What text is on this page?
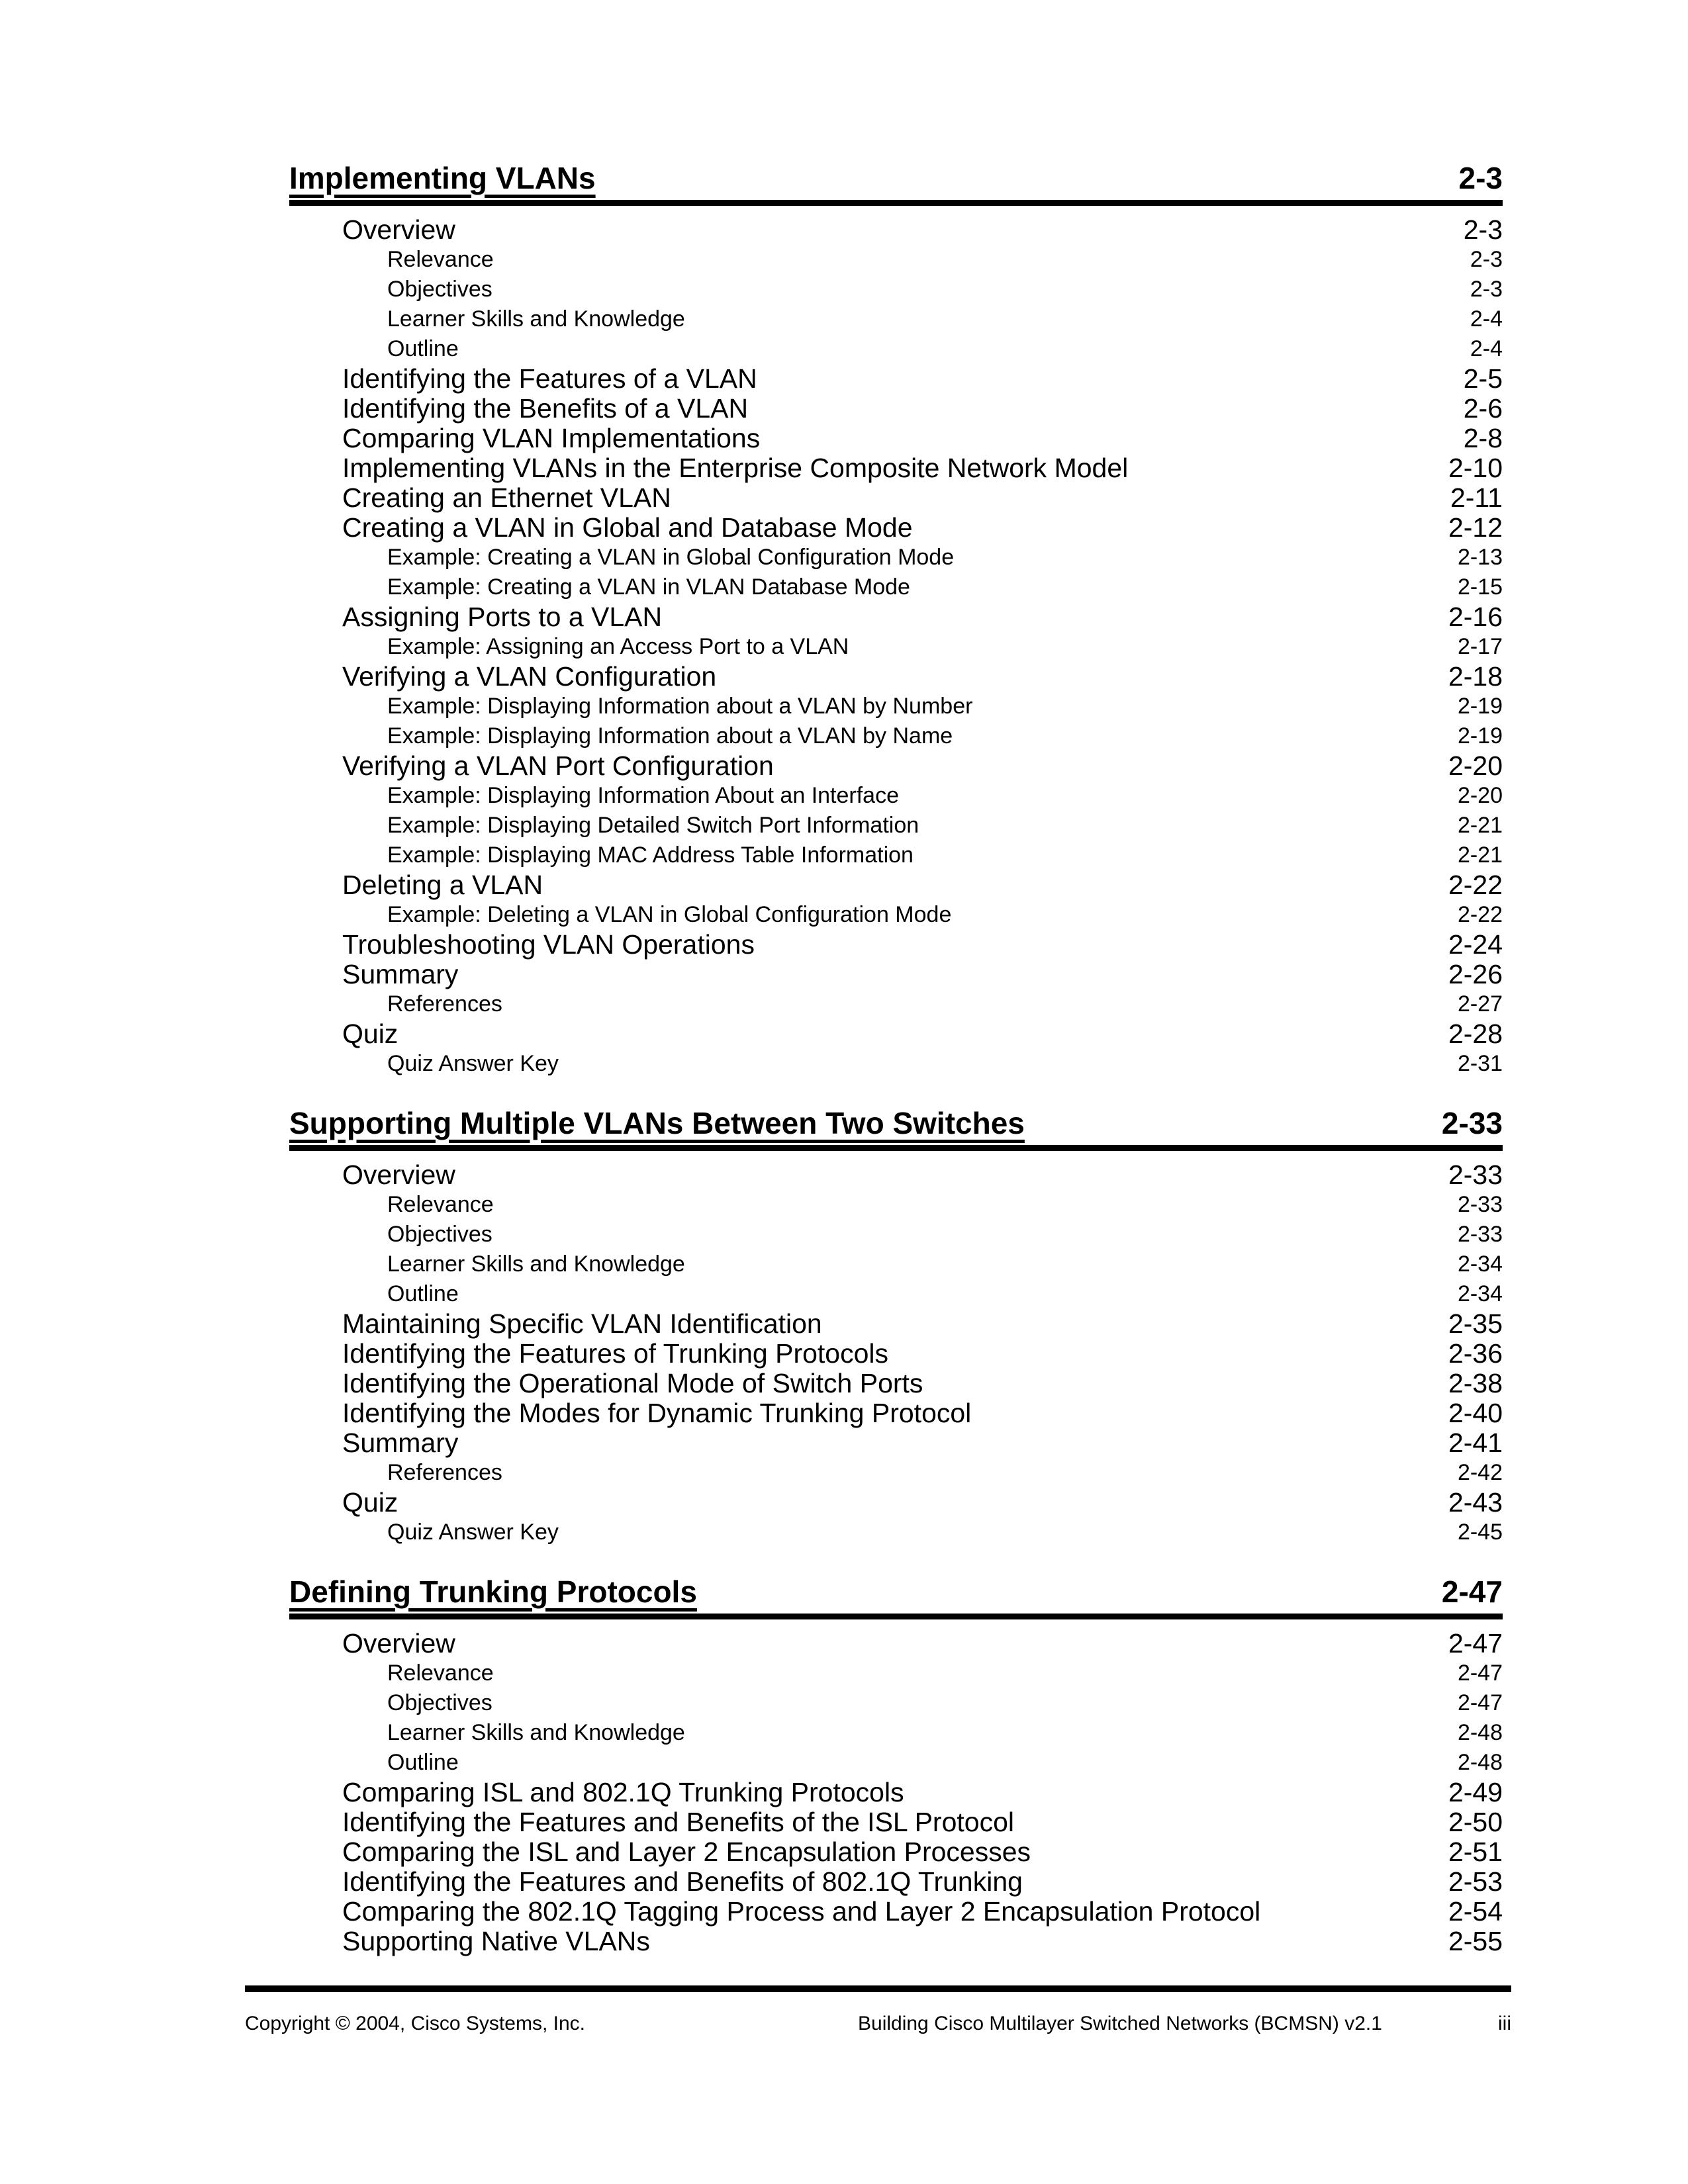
Implementing VLANs	2-3
Overview	2-3
Relevance	2-3
Objectives	2-3
Learner Skills and Knowledge	2-4
Outline	2-4
Identifying the Features of a VLAN	2-5
Identifying the Benefits of a VLAN	2-6
Comparing VLAN Implementations	2-8
Implementing VLANs in the Enterprise Composite Network Model	2-10
Creating an Ethernet VLAN	2-11
Creating a VLAN in Global and Database Mode	2-12
Example: Creating a VLAN in Global Configuration Mode	2-13
Example: Creating a VLAN in VLAN Database Mode	2-15
Assigning Ports to a VLAN	2-16
Example: Assigning an Access Port to a VLAN	2-17
Verifying a VLAN Configuration	2-18
Example: Displaying Information about a VLAN by Number	2-19
Example: Displaying Information about a VLAN by Name	2-19
Verifying a VLAN Port Configuration	2-20
Example: Displaying Information About an Interface	2-20
Example: Displaying Detailed Switch Port Information	2-21
Example: Displaying MAC Address Table Information	2-21
Deleting a VLAN	2-22
Example: Deleting a VLAN in Global Configuration Mode	2-22
Troubleshooting VLAN Operations	2-24
Summary	2-26
References	2-27
Quiz	2-28
Quiz Answer Key	2-31
Supporting Multiple VLANs Between Two Switches	2-33
Overview	2-33
Relevance	2-33
Objectives	2-33
Learner Skills and Knowledge	2-34
Outline	2-34
Maintaining Specific VLAN Identification	2-35
Identifying the Features of Trunking Protocols	2-36
Identifying the Operational Mode of Switch Ports	2-38
Identifying the Modes for Dynamic Trunking Protocol	2-40
Summary	2-41
References	2-42
Quiz	2-43
Quiz Answer Key	2-45
Defining Trunking Protocols	2-47
Overview	2-47
Relevance	2-47
Objectives	2-47
Learner Skills and Knowledge	2-48
Outline	2-48
Comparing ISL and 802.1Q Trunking Protocols	2-49
Identifying the Features and Benefits of the ISL Protocol	2-50
Comparing the ISL and Layer 2 Encapsulation Processes	2-51
Identifying the Features and Benefits of 802.1Q Trunking	2-53
Comparing the 802.1Q Tagging Process and Layer 2 Encapsulation Protocol	2-54
Supporting Native VLANs	2-55
Copyright © 2004, Cisco Systems, Inc.	Building Cisco Multilayer Switched Networks (BCMSN) v2.1	iii
